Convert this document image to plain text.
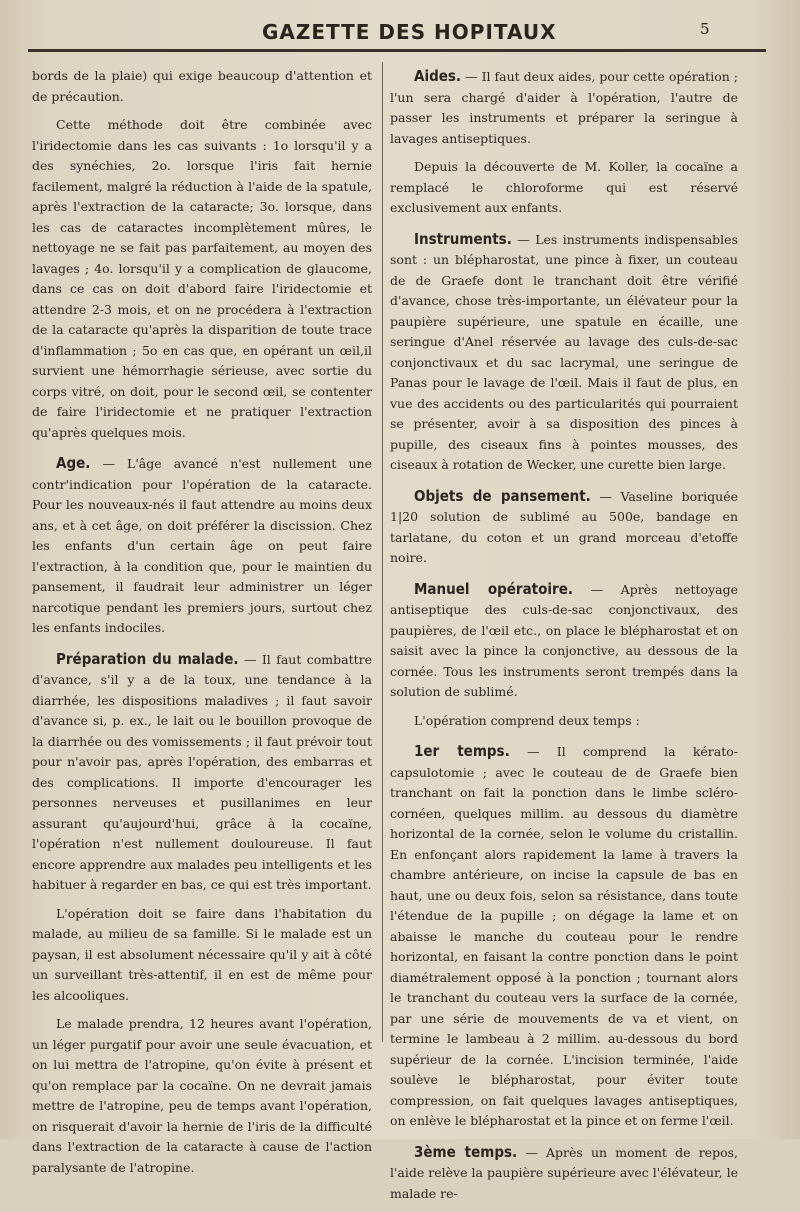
GAZETTE DES HOPITAUX	5

bords de la plaie) qui exige beaucoup d'attention et de précaution.

Cette méthode doit être combinée avec l'iridectomie dans les cas suivants : 1o lorsqu'il y a des synéchies, 2o. lorsque l'iris fait hernie facilement, malgré la réduction à l'aide de la spatule, après l'extraction de la cataracte; 3o. lorsque, dans les cas de cataractes incomplètement mûres, le nettoyage ne se fait pas parfaitement, au moyen des lavages ; 4o. lorsqu'il y a complication de glaucome, dans ce cas on doit d'abord faire l'iridectomie et attendre 2-3 mois, et on ne procédera à l'extraction de la cataracte qu'après la disparition de toute trace d'inflammation ; 5o en cas que, en opérant un œil,il survient une hémorrhagie sérieuse, avec sortie du corps vitré, on doit, pour le second œil, se contenter de faire l'iridectomie et ne pratiquer l'extraction qu'après quelques mois.

Age. — L'âge avancé n'est nullement une contr'indication pour l'opération de la cataracte. Pour les nouveaux-nés il faut attendre au moins deux ans, et à cet âge, on doit préférer la discission. Chez les enfants d'un certain âge on peut faire l'extraction, à la condition que, pour le maintien du pansement, il faudrait leur administrer un léger narcotique pendant les premiers jours, surtout chez les enfants indociles.

Préparation du malade. — Il faut combattre d'avance, s'il y a de la toux, une tendance à la diarrhée, les dispositions maladives ; il faut savoir d'avance si, p. ex., le lait ou le bouillon provoque de la diarrhée ou des vomissements ; il faut prévoir tout pour n'avoir pas, après l'opération, des embarras et des complications. Il importe d'encourager les personnes nerveuses et pusillanimes en leur assurant qu'aujourd'hui, grâce à la cocaïne, l'opération n'est nullement douloureuse. Il faut encore apprendre aux malades peu intelligents et les habituer à regarder en bas, ce qui est très important.

L'opération doit se faire dans l'habitation du malade, au milieu de sa famille. Si le malade est un paysan, il est absolument nécessaire qu'il y ait à côté un surveillant très-attentif, il en est de même pour les alcooliques.

Le malade prendra, 12 heures avant l'opération, un léger purgatif pour avoir une seule évacuation, et on lui mettra de l'atropine, qu'on évite à présent et qu'on remplace par la cocaïne. On ne devrait jamais mettre de l'atropine, peu de temps avant l'opération, on risquerait d'avoir la hernie de l'iris de la difficulté dans l'extraction de la cataracte à cause de l'action paralysante de l'atropine.

Aides. — Il faut deux aides, pour cette opération ; l'un sera chargé d'aider à l'opération, l'autre de passer les instruments et préparer la seringue à lavages antiseptiques.

Depuis la découverte de M. Koller, la cocaïne a remplacé le chloroforme qui est réservé exclusivement aux enfants.

Instruments. — Les instruments indispensables sont : un blépharostat, une pince à fixer, un couteau de de Graefe dont le tranchant doit être vérifié d'avance, chose très-importante, un élévateur pour la paupière supérieure, une spatule en écaille, une seringue d'Anel réservée au lavage des culs-de-sac conjonctivaux et du sac lacrymal, une seringue de Panas pour le lavage de l'œil. Mais il faut de plus, en vue des accidents ou des particularités qui pourraient se présenter, avoir à sa disposition des pinces à pupille, des ciseaux fins à pointes mousses, des ciseaux à rotation de Wecker, une curette bien large.

Objets de pansement. — Vaseline boriquée 1|20 solution de sublimé au 500e, bandage en tarlatane, du coton et un grand morceau d'etoffe noire.

Manuel opératoire. — Après nettoyage antiseptique des culs-de-sac conjonctivaux, des paupières, de l'œil etc., on place le blépharostat et on saisit avec la pince la conjonctive, au dessous de la cornée. Tous les instruments seront trempés dans la solution de sublimé.

L'opération comprend deux temps :

1er temps. — Il comprend la kérato-capsulotomie ; avec le couteau de de Graefe bien tranchant on fait la ponction dans le limbe scléro-cornéen, quelques millim. au dessous du diamètre horizontal de la cornée, selon le volume du cristallin. En enfonçant alors rapidement la lame à travers la chambre antérieure, on incise la capsule de bas en haut, une ou deux fois, selon sa résistance, dans toute l'étendue de la pupille ; on dégage la lame et on abaisse le manche du couteau pour le rendre horizontal, en faisant la contre ponction dans le point diamétralement opposé à la ponction ; tournant alors le tranchant du couteau vers la surface de la cornée, par une série de mouvements de va et vient, on termine le lambeau à 2 millim. au-dessous du bord supérieur de la cornée. L'incision terminée, l'aide soulève le blépharostat, pour éviter toute compression, on fait quelques lavages antiseptiques, on enlève le blépharostat et la pince et on ferme l'œil.

3ème temps. — Après un moment de repos, l'aide relève la paupière supérieure avec l'élévateur, le malade re-
